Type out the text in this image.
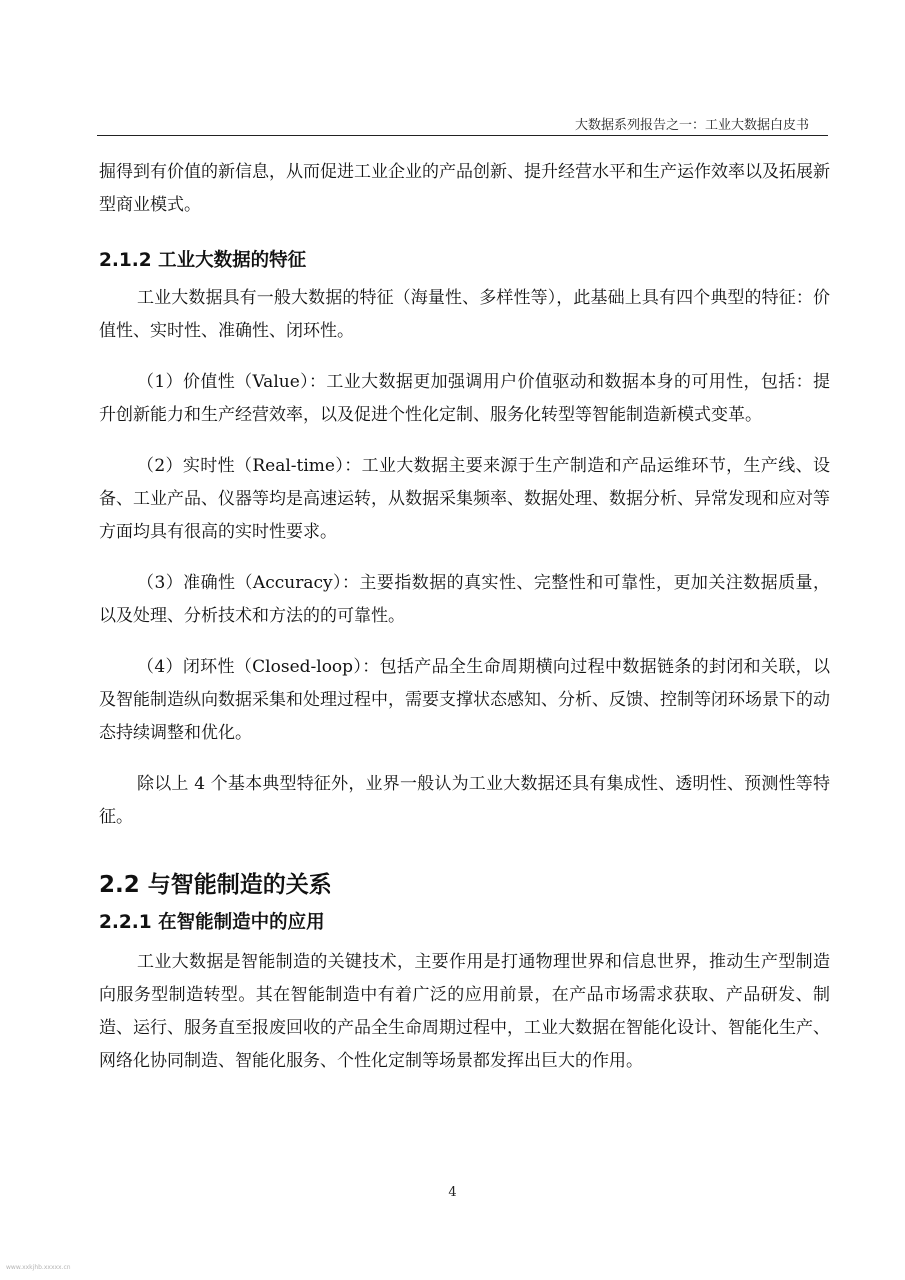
大数据系列报告之一：工业大数据白皮书

掘得到有价值的新信息，从而促进工业企业的产品创新、提升经营水平和生产运作效率以及拓展新型商业模式。

2.1.2 工业大数据的特征

工业大数据具有一般大数据的特征（海量性、多样性等），此基础上具有四个典型的特征：价值性、实时性、准确性、闭环性。

（1）价值性（Value）：工业大数据更加强调用户价值驱动和数据本身的可用性，包括：提升创新能力和生产经营效率，以及促进个性化定制、服务化转型等智能制造新模式变革。

（2）实时性（Real-time）：工业大数据主要来源于生产制造和产品运维环节，生产线、设备、工业产品、仪器等均是高速运转，从数据采集频率、数据处理、数据分析、异常发现和应对等方面均具有很高的实时性要求。

（3）准确性（Accuracy）：主要指数据的真实性、完整性和可靠性，更加关注数据质量，以及处理、分析技术和方法的的可靠性。

（4）闭环性（Closed-loop）：包括产品全生命周期横向过程中数据链条的封闭和关联，以及智能制造纵向数据采集和处理过程中，需要支撑状态感知、分析、反馈、控制等闭环场景下的动态持续调整和优化。

除以上 4 个基本典型特征外，业界一般认为工业大数据还具有集成性、透明性、预测性等特征。

2.2 与智能制造的关系
2.2.1 在智能制造中的应用

工业大数据是智能制造的关键技术，主要作用是打通物理世界和信息世界，推动生产型制造向服务型制造转型。其在智能制造中有着广泛的应用前景，在产品市场需求获取、产品研发、制造、运行、服务直至报废回收的产品全生命周期过程中，工业大数据在智能化设计、智能化生产、网络化协同制造、智能化服务、个性化定制等场景都发挥出巨大的作用。

4
www.xxkjhb.xxxxx.cn
